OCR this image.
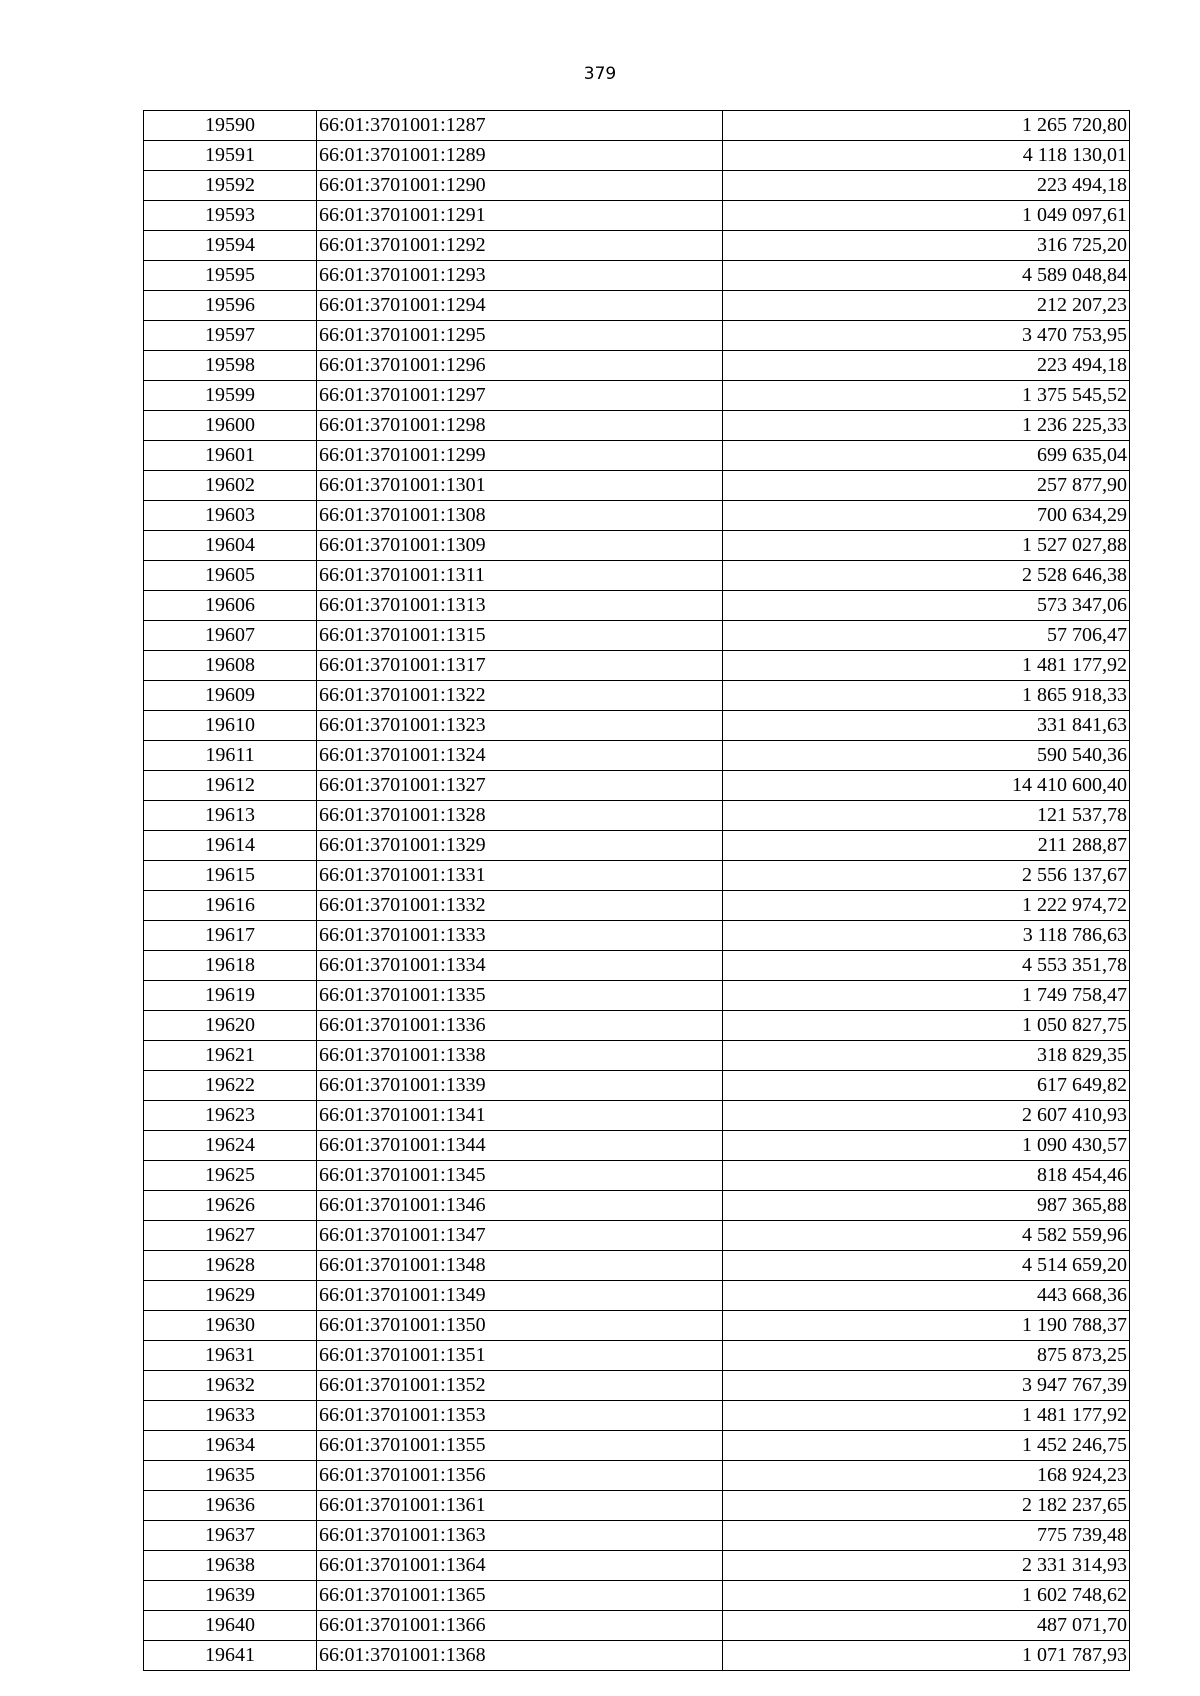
379
19590	66:01:3701001:1287	1 265 720,80
19591	66:01:3701001:1289	4 118 130,01
19592	66:01:3701001:1290	223 494,18
19593	66:01:3701001:1291	1 049 097,61
19594	66:01:3701001:1292	316 725,20
19595	66:01:3701001:1293	4 589 048,84
19596	66:01:3701001:1294	212 207,23
19597	66:01:3701001:1295	3 470 753,95
19598	66:01:3701001:1296	223 494,18
19599	66:01:3701001:1297	1 375 545,52
19600	66:01:3701001:1298	1 236 225,33
19601	66:01:3701001:1299	699 635,04
19602	66:01:3701001:1301	257 877,90
19603	66:01:3701001:1308	700 634,29
19604	66:01:3701001:1309	1 527 027,88
19605	66:01:3701001:1311	2 528 646,38
19606	66:01:3701001:1313	573 347,06
19607	66:01:3701001:1315	57 706,47
19608	66:01:3701001:1317	1 481 177,92
19609	66:01:3701001:1322	1 865 918,33
19610	66:01:3701001:1323	331 841,63
19611	66:01:3701001:1324	590 540,36
19612	66:01:3701001:1327	14 410 600,40
19613	66:01:3701001:1328	121 537,78
19614	66:01:3701001:1329	211 288,87
19615	66:01:3701001:1331	2 556 137,67
19616	66:01:3701001:1332	1 222 974,72
19617	66:01:3701001:1333	3 118 786,63
19618	66:01:3701001:1334	4 553 351,78
19619	66:01:3701001:1335	1 749 758,47
19620	66:01:3701001:1336	1 050 827,75
19621	66:01:3701001:1338	318 829,35
19622	66:01:3701001:1339	617 649,82
19623	66:01:3701001:1341	2 607 410,93
19624	66:01:3701001:1344	1 090 430,57
19625	66:01:3701001:1345	818 454,46
19626	66:01:3701001:1346	987 365,88
19627	66:01:3701001:1347	4 582 559,96
19628	66:01:3701001:1348	4 514 659,20
19629	66:01:3701001:1349	443 668,36
19630	66:01:3701001:1350	1 190 788,37
19631	66:01:3701001:1351	875 873,25
19632	66:01:3701001:1352	3 947 767,39
19633	66:01:3701001:1353	1 481 177,92
19634	66:01:3701001:1355	1 452 246,75
19635	66:01:3701001:1356	168 924,23
19636	66:01:3701001:1361	2 182 237,65
19637	66:01:3701001:1363	775 739,48
19638	66:01:3701001:1364	2 331 314,93
19639	66:01:3701001:1365	1 602 748,62
19640	66:01:3701001:1366	487 071,70
19641	66:01:3701001:1368	1 071 787,93
